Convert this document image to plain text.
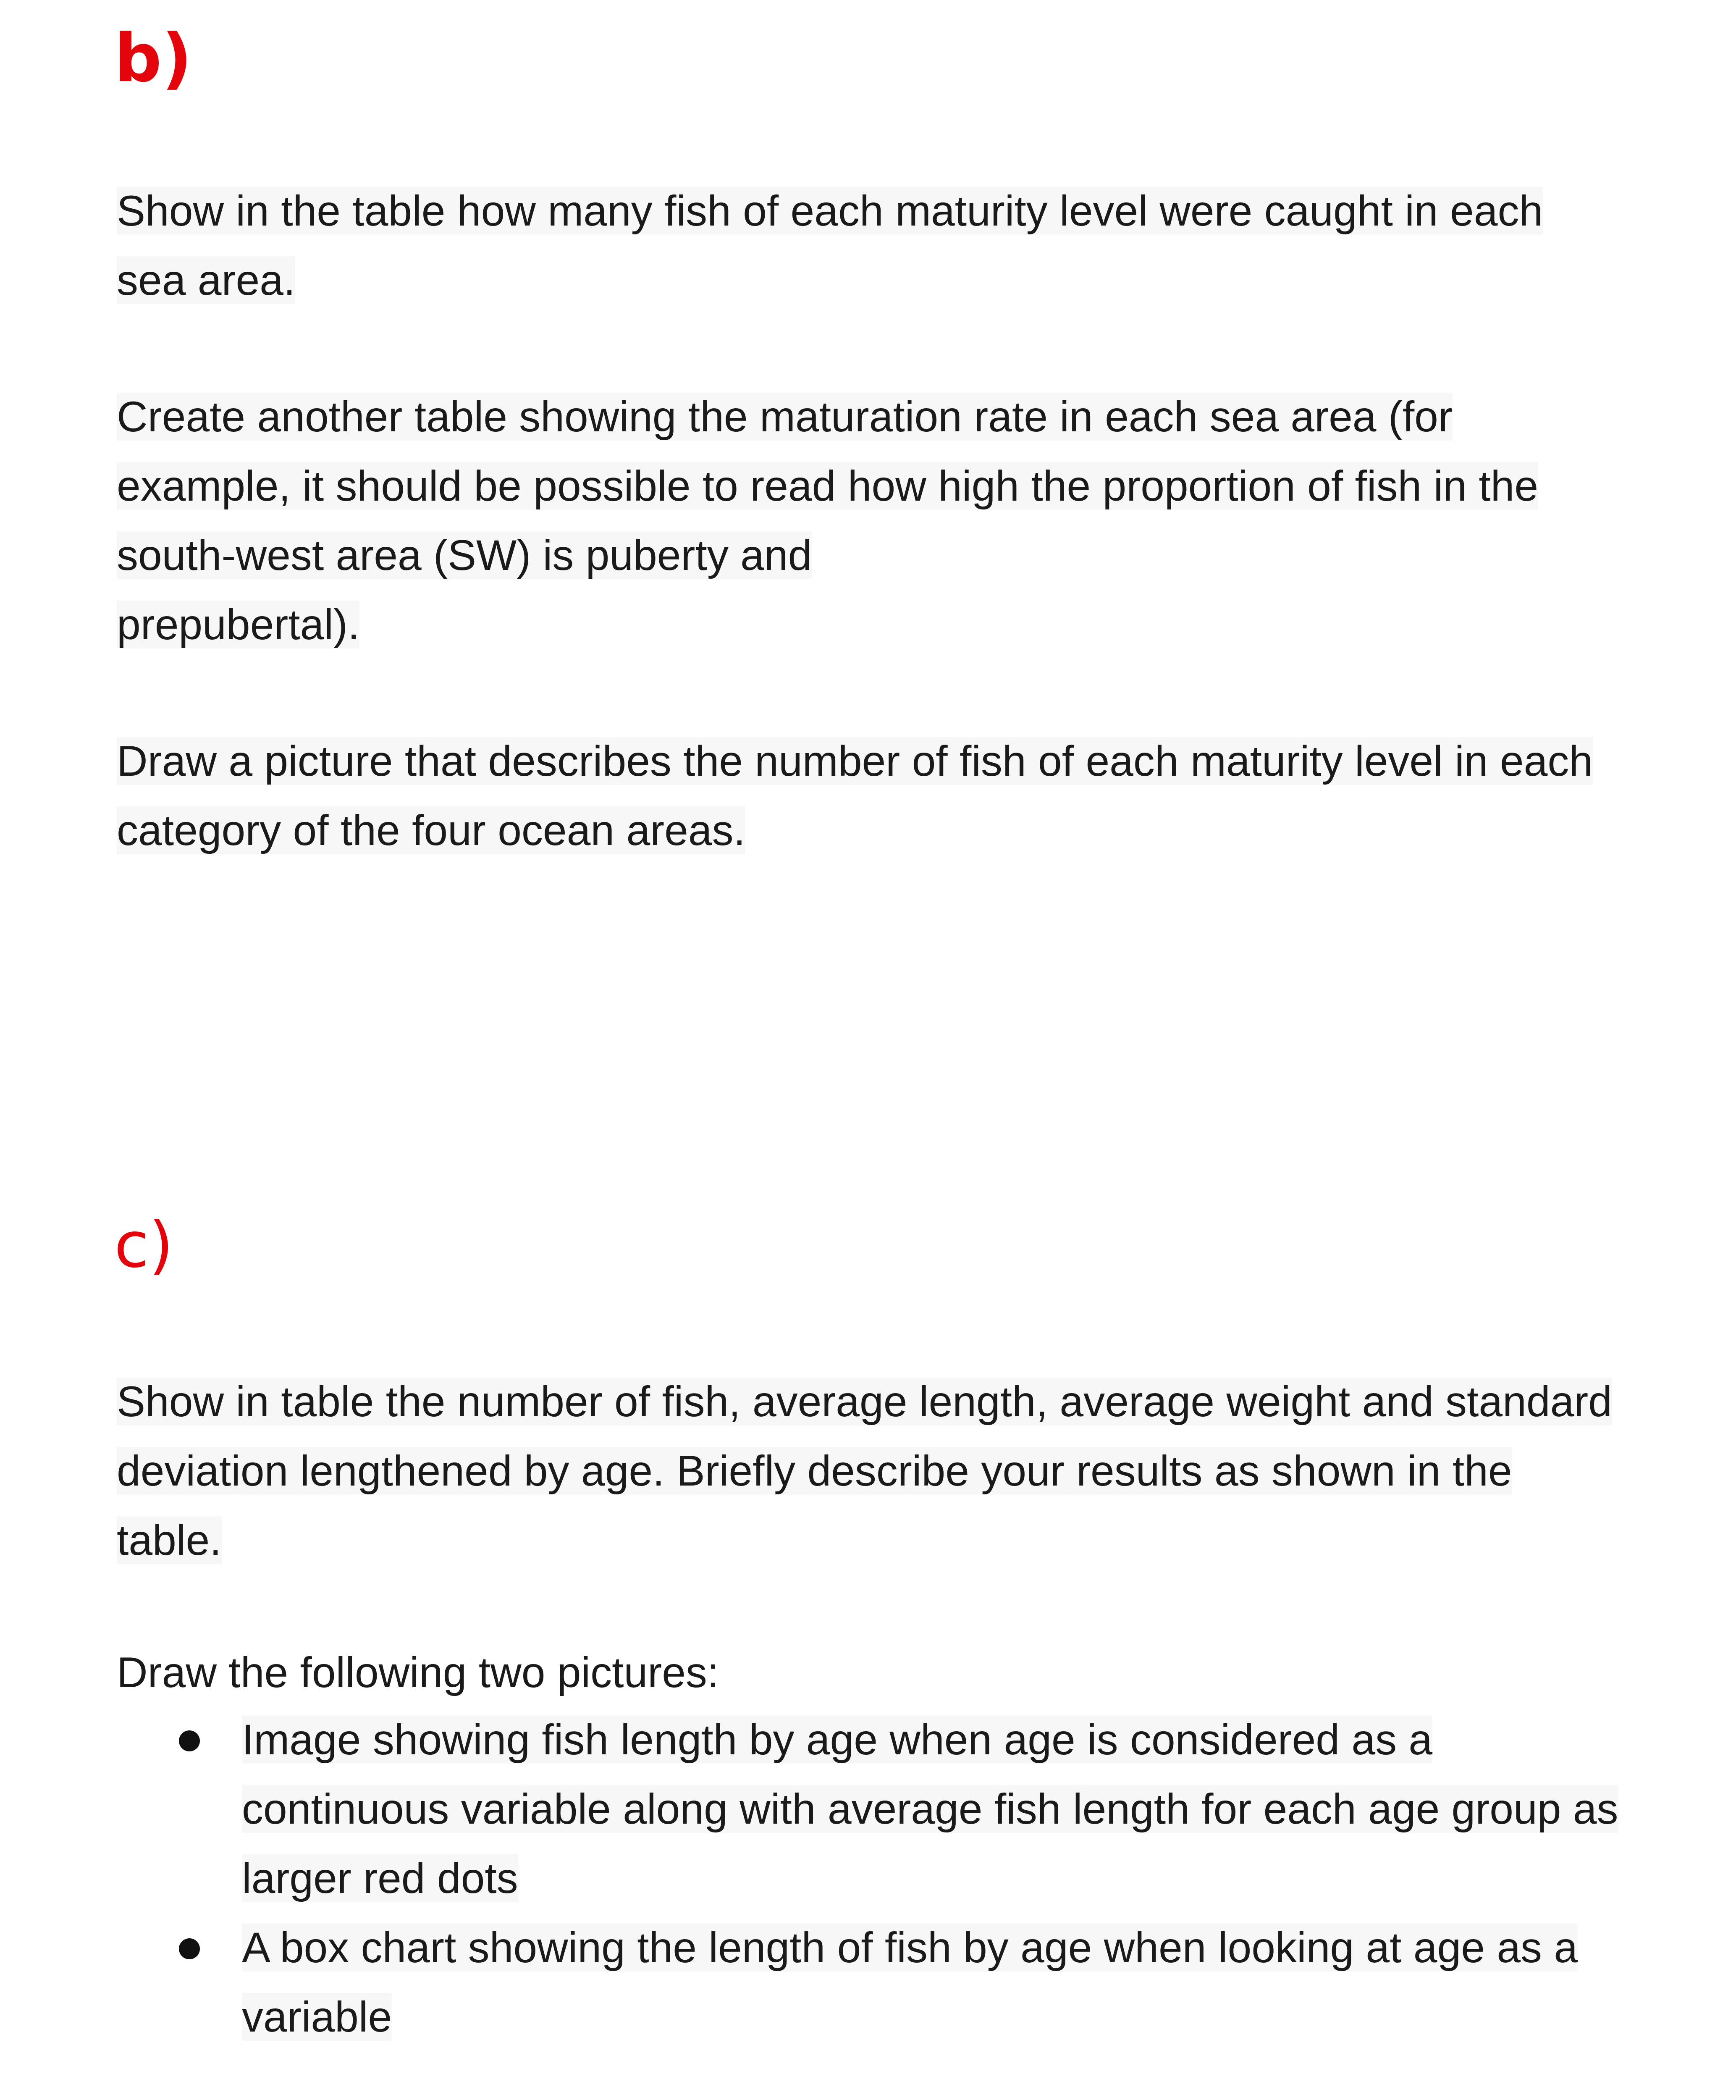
b)

Show in the table how many fish of each maturity level were caught in each
sea area.

Create another table showing the maturation rate in each sea area (for
example, it should be possible to read how high the proportion of fish in the
south-west area (SW) is puberty and
prepubertal).

Draw a picture that describes the number of fish of each maturity level in each
category of the four ocean areas.

c)

Show in table the number of fish, average length, average weight and standard
deviation lengthened by age. Briefly describe your results as shown in the
table.

Draw the following two pictures:

Image showing fish length by age when age is considered as a
continuous variable along with average fish length for each age group as
larger red dots
A box chart showing the length of fish by age when looking at age as a
variable
